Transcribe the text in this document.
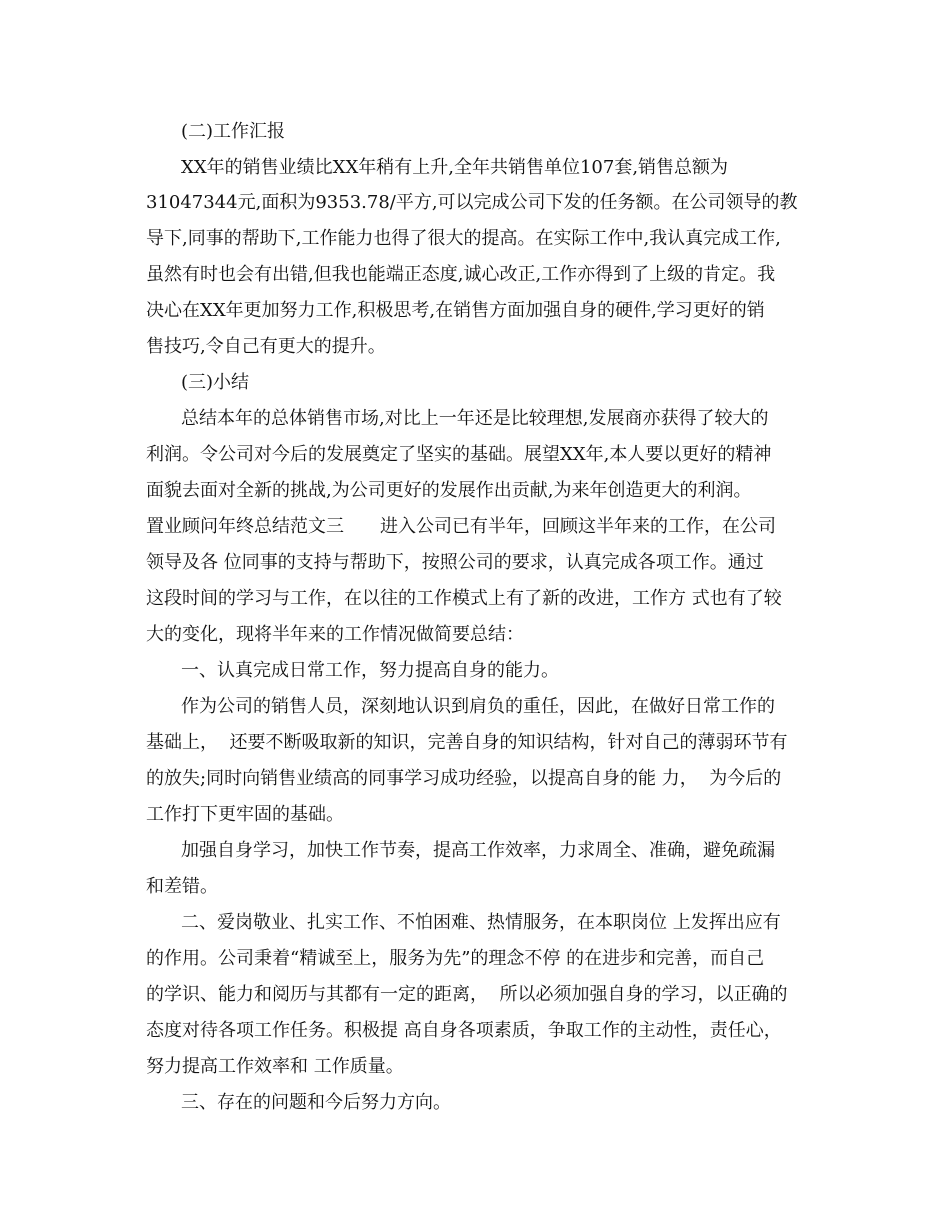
(二)工作汇报
XX年的销售业绩比XX年稍有上升,全年共销售单位107套,销售总额为
31047344元,面积为9353.78/平方,可以完成公司下发的任务额。在公司领导的教
导下,同事的帮助下,工作能力也得了很大的提高。在实际工作中,我认真完成工作,
虽然有时也会有出错,但我也能端正态度,诚心改正,工作亦得到了上级的肯定。我
决心在XX年更加努力工作,积极思考,在销售方面加强自身的硬件,学习更好的销
售技巧,令自己有更大的提升。
(三)小结
总结本年的总体销售市场,对比上一年还是比较理想,发展商亦获得了较大的
利润。令公司对今后的发展奠定了坚实的基础。展望XX年,本人要以更好的精神
面貌去面对全新的挑战,为公司更好的发展作出贡献,为来年创造更大的利润。
置业顾问年终总结范文三　　进入公司已有半年，回顾这半年来的工作，在公司
领导及各 位同事的支持与帮助下，按照公司的要求，认真完成各项工作。通过
这段时间的学习与工作，在以往的工作模式上有了新的改进，工作方 式也有了较
大的变化，现将半年来的工作情况做简要总结：
一、认真完成日常工作，努力提高自身的能力。
作为公司的销售人员，深刻地认识到肩负的重任，因此，在做好日常工作的
基础上，  还要不断吸取新的知识，完善自身的知识结构，针对自己的薄弱环节有
的放失;同时向销售业绩高的同事学习成功经验，以提高自身的能 力，  为今后的
工作打下更牢固的基础。
加强自身学习，加快工作节奏，提高工作效率，力求周全、准确，避免疏漏
和差错。
二、爱岗敬业、扎实工作、不怕困难、热情服务，在本职岗位 上发挥出应有
的作用。公司秉着“精诚至上，服务为先”的理念不停 的在进步和完善，而自己
的学识、能力和阅历与其都有一定的距离，  所以必须加强自身的学习，以正确的
态度对待各项工作任务。积极提 高自身各项素质，争取工作的主动性，责任心，
努力提高工作效率和 工作质量。
三、存在的问题和今后努力方向。
